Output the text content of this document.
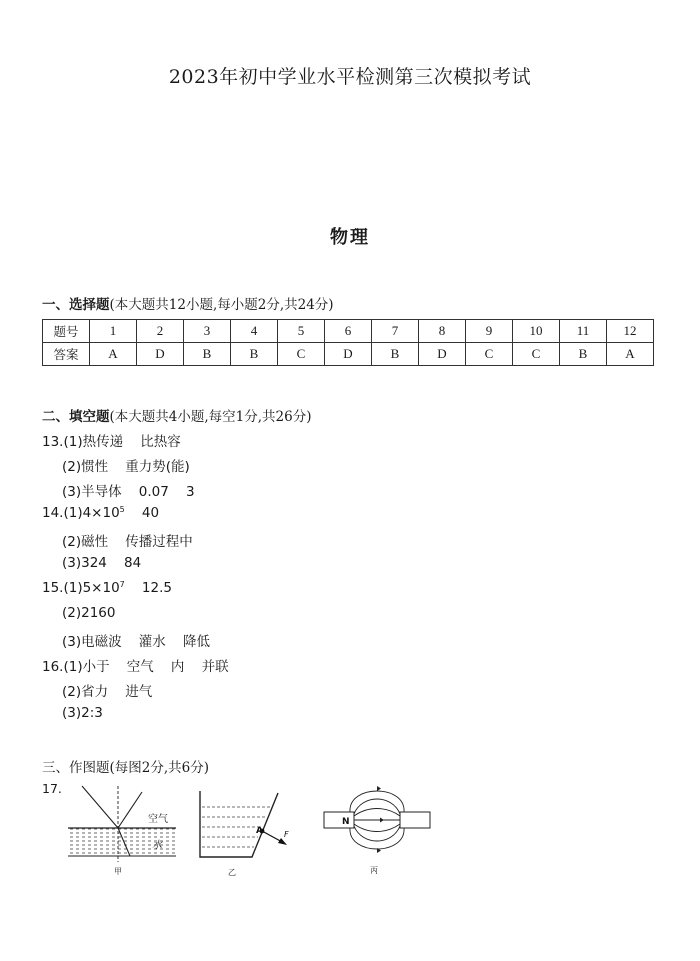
2023年初中学业水平检测第三次模拟考试
物理
一、选择题(本大题共12小题,每小题2分,共24分)
题号	1	2	3	4	5	6	7	8	9	10	11	12
答案	A	D	B	B	C	D	B	D	C	C	B	A
二、填空题(本大题共4小题,每空1分,共26分)
13.(1)热传递    比热容
(2)惯性    重力势(能)
(3)半导体    0.07    3
$14.(1)4\times 10^5$    40
(2)磁性    传播过程中
(3)324    84
$15.(1)5\times 10^7$    12.5
(2)2160
(3)电磁波    灌水    降低
16.(1)小于    空气    内    并联
(2)省力    进气
(3)2:3
三、作图题(每图2分,共6分)
17.
空气
水
甲
A	F
乙
N
丙
